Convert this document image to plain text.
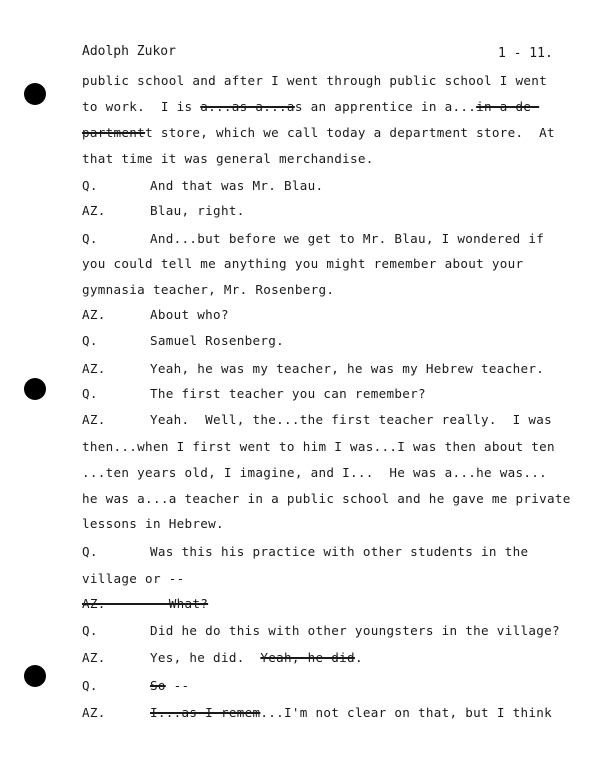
Adolph Zukor	1 - 11.
public school and after I went through public school I went
to work.  I is a...as a...as an apprentice in a...in a de-
partmentt store, which we call today a department store.  At
that time it was general merchandise.
Q.	And that was Mr. Blau.
AZ.	Blau, right.
Q.	And...but before we get to Mr. Blau, I wondered if
you could tell me anything you might remember about your
gymnasia teacher, Mr. Rosenberg.
AZ.	About who?
Q.	Samuel Rosenberg.
AZ.	Yeah, he was my teacher, he was my Hebrew teacher.
Q.	The first teacher you can remember?
AZ.	Yeah.  Well, the...the first teacher really.  I was
then...when I first went to him I was...I was then about ten
...ten years old, I imagine, and I...  He was a...he was...
he was a...a teacher in a public school and he gave me private
lessons in Hebrew.
Q.	Was this his practice with other students in the
village or --
AZ.        What?
Q.	Did he do this with other youngsters in the village?
AZ.	Yes, he did.  Yeah, he did.
Q.	So --
AZ.	I...as I remem...I'm not clear on that, but I think
